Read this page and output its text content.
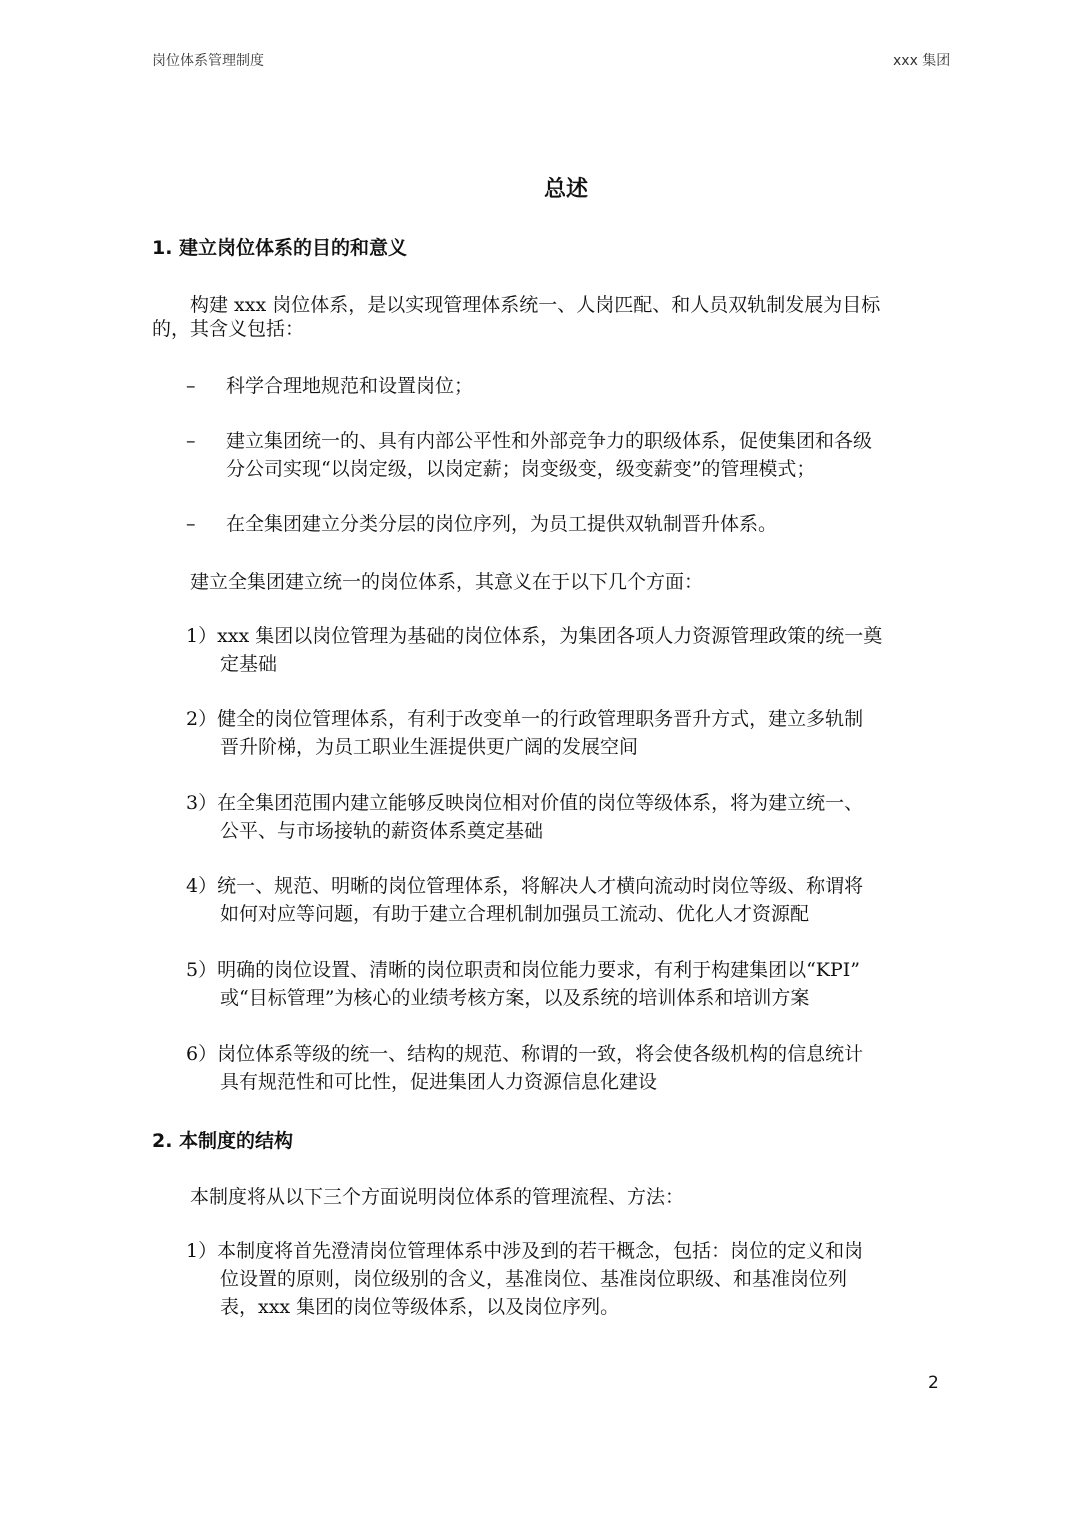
岗位体系管理制度	xxx 集团
总述
1. 建立岗位体系的目的和意义
构建 xxx 岗位体系，是以实现管理体系统一、人岗匹配、和人员双轨制发展为目标
的，其含义包括：
– 科学合理地规范和设置岗位；
– 建立集团统一的、具有内部公平性和外部竞争力的职级体系，促使集团和各级
分公司实现“以岗定级，以岗定薪；岗变级变，级变薪变”的管理模式；
– 在全集团建立分类分层的岗位序列，为员工提供双轨制晋升体系。
建立全集团建立统一的岗位体系，其意义在于以下几个方面：
1）xxx 集团以岗位管理为基础的岗位体系，为集团各项人力资源管理政策的统一奠
定基础
2）健全的岗位管理体系，有利于改变单一的行政管理职务晋升方式，建立多轨制
晋升阶梯，为员工职业生涯提供更广阔的发展空间
3）在全集团范围内建立能够反映岗位相对价值的岗位等级体系，将为建立统一、
公平、与市场接轨的薪资体系奠定基础
4）统一、规范、明晰的岗位管理体系，将解决人才横向流动时岗位等级、称谓将
如何对应等问题，有助于建立合理机制加强员工流动、优化人才资源配
5）明确的岗位设置、清晰的岗位职责和岗位能力要求，有利于构建集团以“KPI”
或“目标管理”为核心的业绩考核方案，以及系统的培训体系和培训方案
6）岗位体系等级的统一、结构的规范、称谓的一致，将会使各级机构的信息统计
具有规范性和可比性，促进集团人力资源信息化建设
2. 本制度的结构
本制度将从以下三个方面说明岗位体系的管理流程、方法：
1）本制度将首先澄清岗位管理体系中涉及到的若干概念，包括：岗位的定义和岗
位设置的原则，岗位级别的含义，基准岗位、基准岗位职级、和基准岗位列
表，xxx 集团的岗位等级体系，以及岗位序列。
2
